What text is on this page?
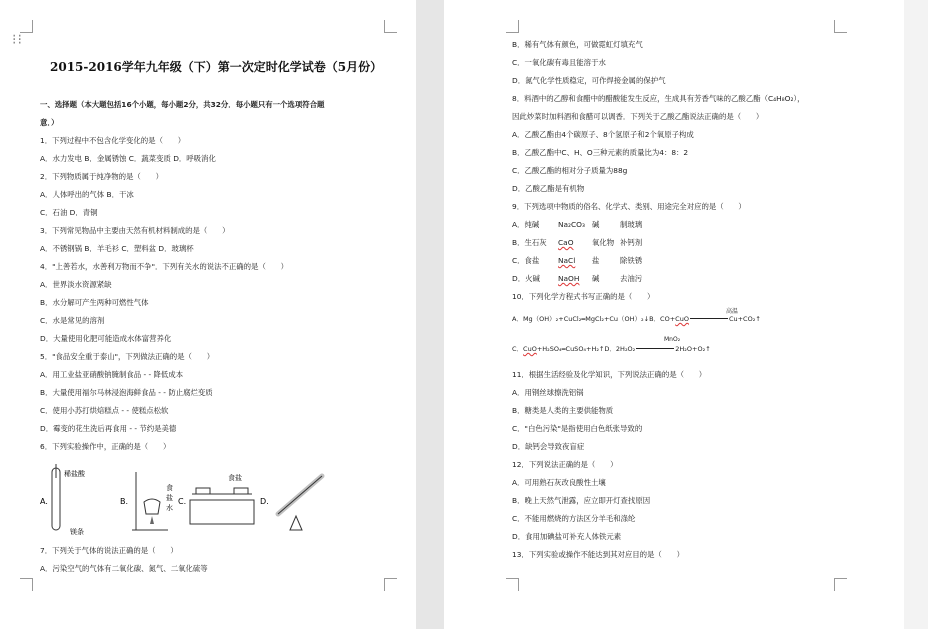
⁝⁝
2015-2016学年九年级（下）第一次定时化学试卷（5月份）
一、选择题（本大题包括16个小题，每小题2分，共32分．每小题只有一个选项符合题
意．）
1．下列过程中不包含化学变化的是（　　）
A．水力发电 B．金属锈蚀 C．蔬菜变质 D．呼吸消化
2．下列物质属于纯净物的是（　　）
A．人体呼出的气体 B．干冰
C．石油 D．青铜
3．下列常见物品中主要由天然有机材料制成的是（　　）
A．不锈钢锅 B．羊毛衫 C．塑料盆 D．玻璃杯
4．"上善若水，水善利万物而不争"．下列有关水的说法不正确的是（　　）
A．世界淡水资源紧缺
B．水分解可产生两种可燃性气体
C．水是常见的溶剂
D．大量使用化肥可能造成水体富营养化
5．"食品安全重于泰山"，下列做法正确的是（　　）
A．用工业盐亚硝酸钠腌制食品 - - 降低成本
B．大量使用福尔马林浸泡海鲜食品 - - 防止腐烂变质
C．使用小苏打烘焙糕点 - - 使糕点松软
D．霉变的花生洗后再食用 - - 节约是美德
6．下列实验操作中，正确的是（　　）
A.
稀盐酸
镁条
B.
食
盐
水
C.
食盐
D.
7．下列关于气体的说法正确的是（　　）
A．污染空气的气体有二氧化碳、氮气、二氧化硫等
B．稀有气体有颜色，可做霓虹灯填充气
C．一氧化碳有毒且能溶于水
D．氮气化学性质稳定，可作焊接金属的保护气
8．料酒中的乙醇和食醋中的醋酸能发生反应，生成具有芳香气味的乙酸乙酯（C₄H₈O₂），
因此炒菜时加料酒和食醋可以调香．下列关于乙酸乙酯说法正确的是（　　）
A．乙酸乙酯由4个碳原子、8个氢原子和2个氧原子构成
B．乙酸乙酯中C、H、O三种元素的质量比为4：8：2
C．乙酸乙酯的相对分子质量为88g
D．乙酸乙酯是有机物
9．下列选项中物质的俗名、化学式、类别、用途完全对应的是（　　）
A．纯碱	Na₂CO₃ 碱	制玻璃
B．生石灰 CaO 氧化物 补钙剂
C．食盐	NaCl 盐	除铁锈
D．火碱 NaOH 碱	去油污
10．下列化学方程式书写正确的是（　　）
A．Mg（OH）₂+CuCl₂═MgCl₂+Cu（OH）₂↓B．CO+CuO	Cu+CO₂↑
高温
C．CuO+H₂SO₄═CuSO₄+H₂↑D．2H₂O₂	2H₂O+O₂↑
MnO₂
11．根据生活经验及化学知识，下列说法正确的是（　　）
A．用钢丝球擦洗铝锅
B．糖类是人类的主要供能物质
C．"白色污染"是指使用白色纸张导致的
D．缺钙会导致夜盲症
12．下列说法正确的是（　　）
A．可用熟石灰改良酸性土壤
B．晚上天然气泄露，应立即开灯查找原因
C．不能用燃烧的方法区分羊毛和涤纶
D．食用加碘盐可补充人体铁元素
13．下列实验或操作不能达到其对应目的是（　　）
